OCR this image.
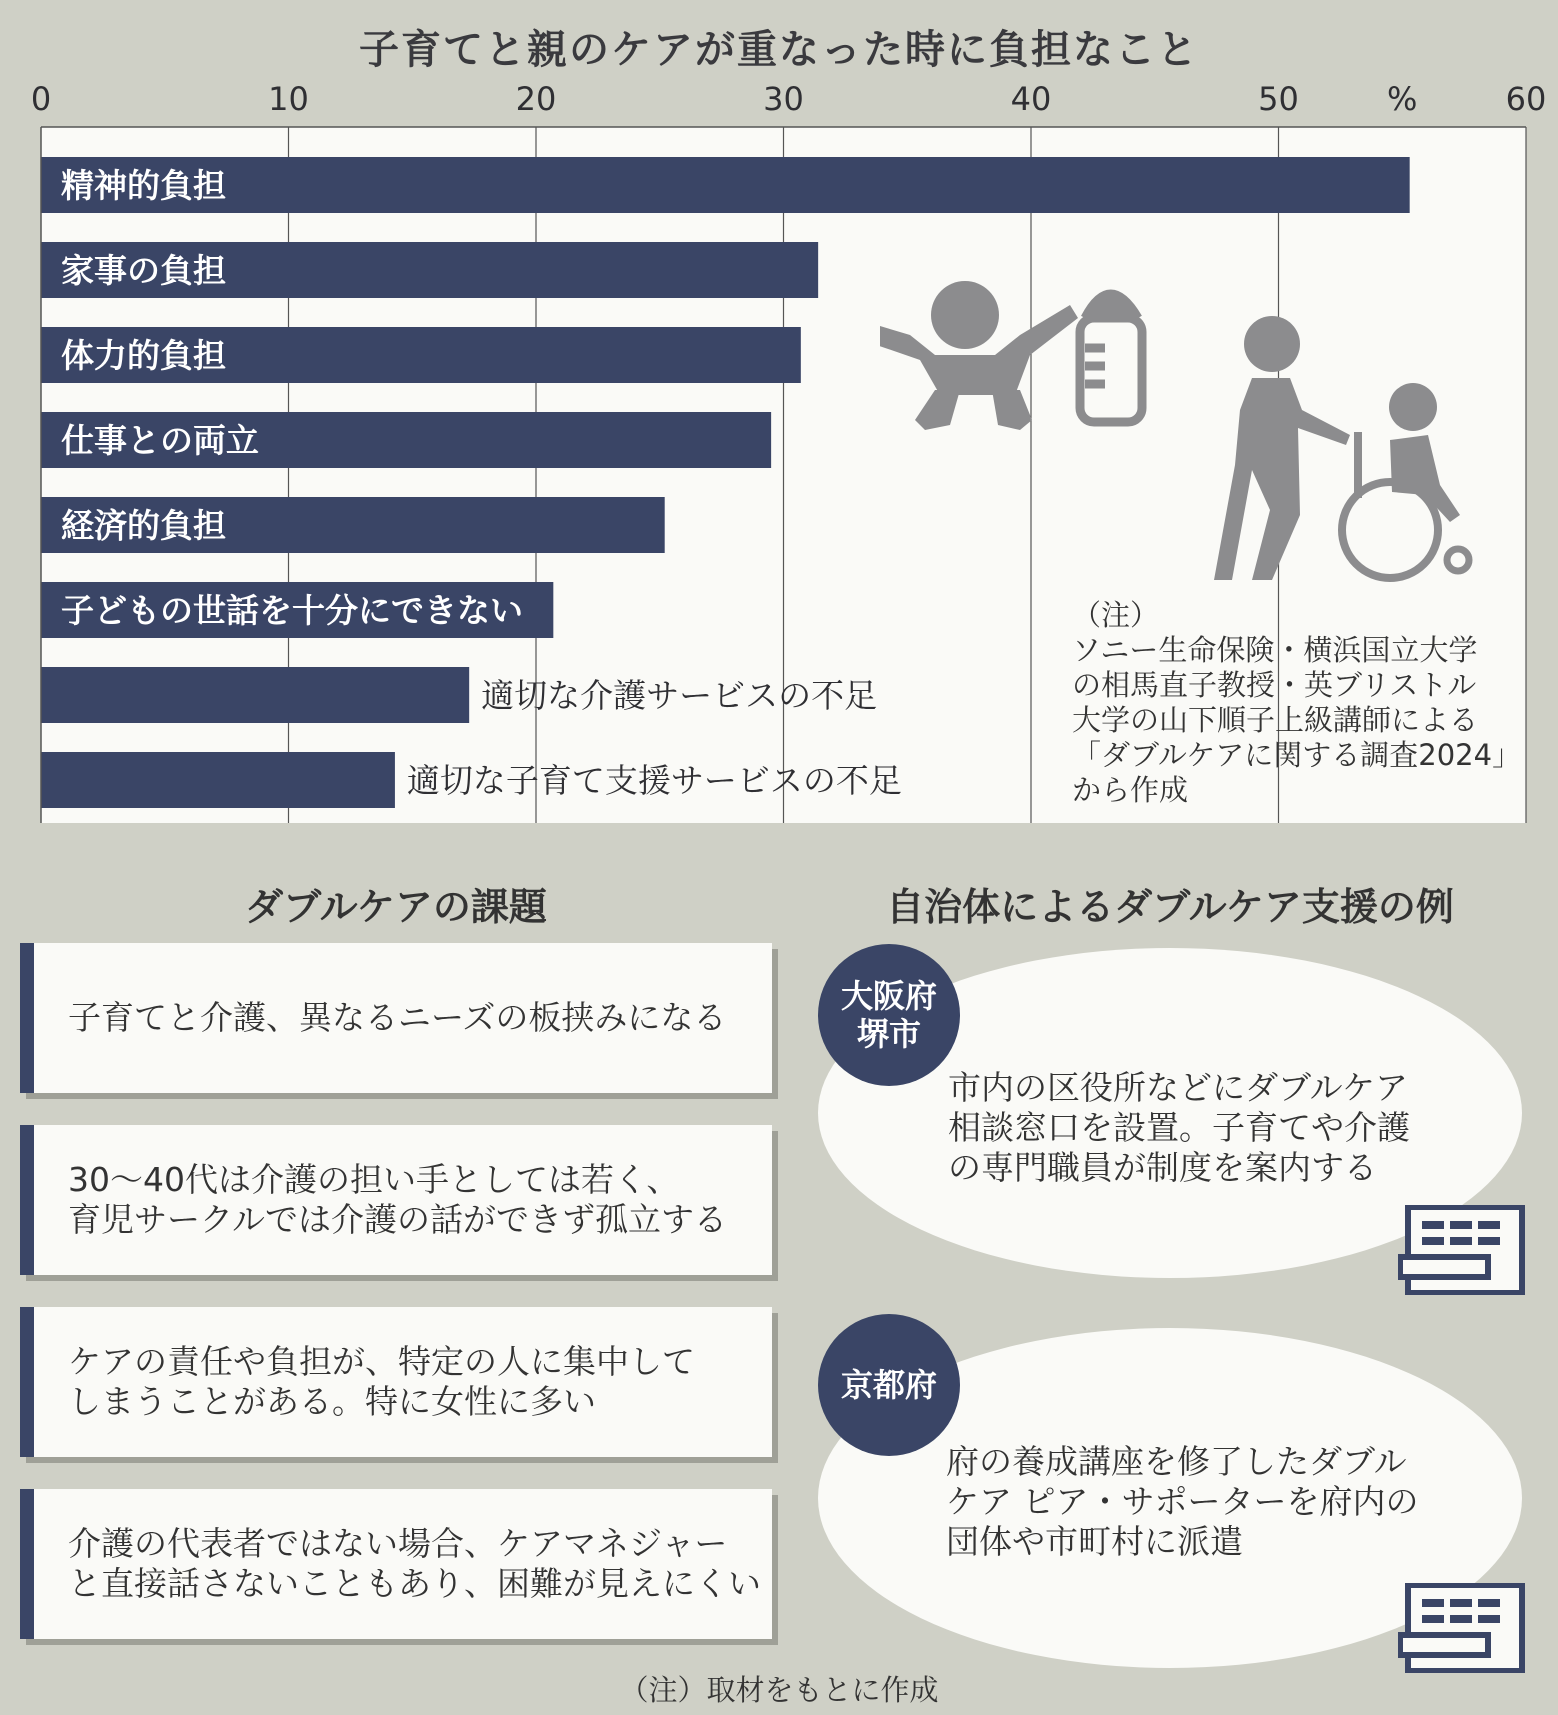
子育てと親のケアが重なった時に負担なこと
0	10	20	30	40	50	%	60
精神的負担
家事の負担
体力的負担
仕事との両立
経済的負担
子どもの世話を十分にできない
適切な介護サービスの不足
適切な子育て支援サービスの不足
（注）
ソニー生命保険・横浜国立大学
の相馬直子教授・英ブリストル
大学の山下順子上級講師による
「ダブルケアに関する調査2024」
から作成
ダブルケアの課題
子育てと介護、異なるニーズの板挟みになる
30～40代は介護の担い手としては若く、
育児サークルでは介護の話ができず孤立する
ケアの責任や負担が、特定の人に集中して
しまうことがある。特に女性に多い
介護の代表者ではない場合、ケアマネジャー
と直接話さないこともあり、困難が見えにくい
自治体によるダブルケア支援の例
大阪府
堺市
市内の区役所などにダブルケア
相談窓口を設置。子育てや介護
の専門職員が制度を案内する
京都府
府の養成講座を修了したダブル
ケア ピア・サポーターを府内の
団体や市町村に派遣
（注）取材をもとに作成
